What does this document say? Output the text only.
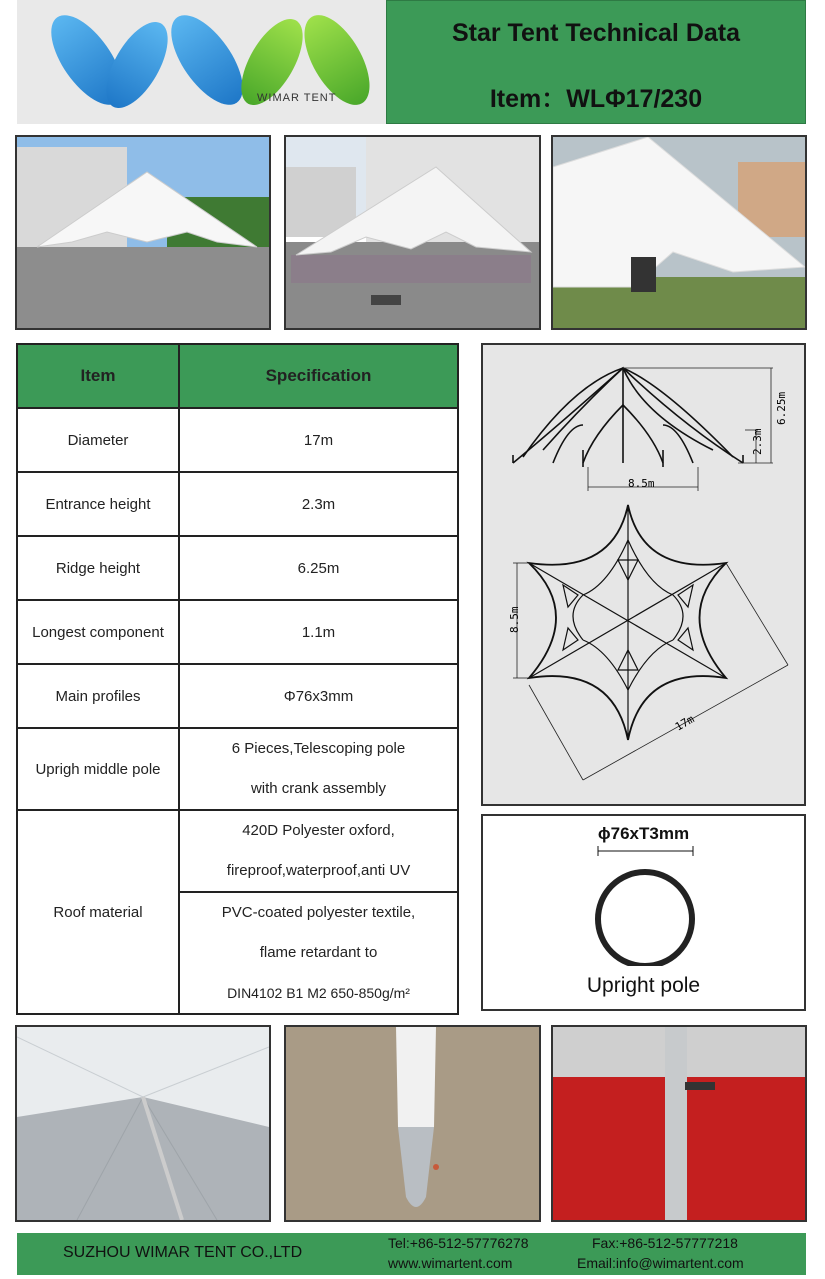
WIMAR TENT
Star Tent Technical Data
Item：WLΦ17/230
Item	Specification
Diameter	17m
Entrance height	2.3m
Ridge height	6.25m
Longest component	1.1m
Main profiles	Φ76x3mm
Uprigh middle pole	6 Pieces,Telescoping pole
with crank assembly

Roof material	420D Polyester oxford,
fireproof,waterproof,anti UV

	PVC-coated polyester textile,
flame retardant to
DIN4102 B1 M2 650-850g/m²
6.25m
2.3m
8.5m
8.5m
17m
ϕ76xT3mm
Upright pole
SUZHOU WIMAR TENT CO.,LTD
Tel:+86-512-57776278	Fax:+86-512-57777218
www.wimartent.com	Email:info@wimartent.com
